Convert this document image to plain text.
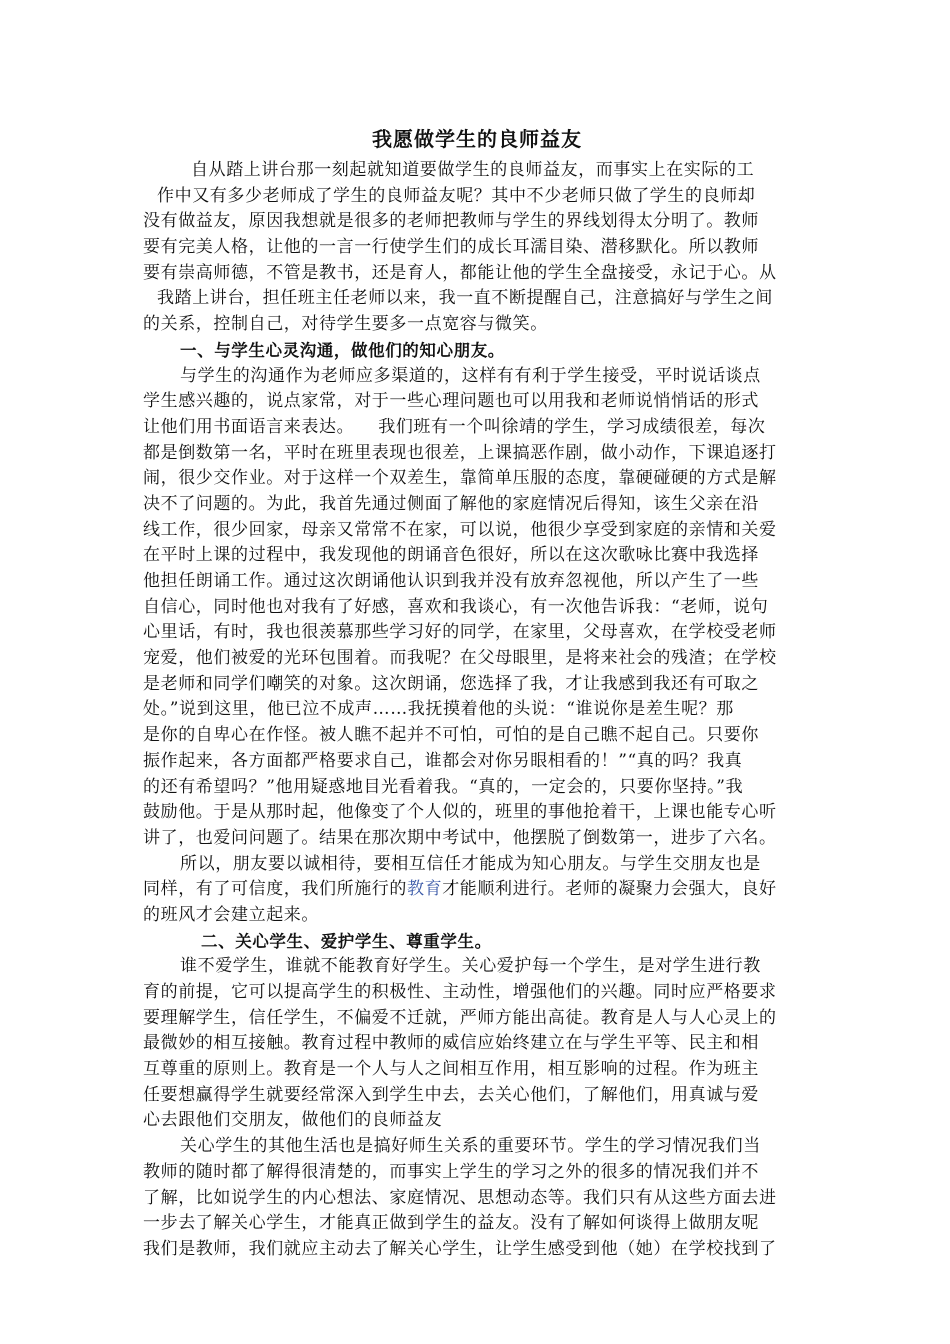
我愿做学生的良师益友
自从踏上讲台那一刻起就知道要做学生的良师益友，而事实上在实际的工
作中又有多少老师成了学生的良师益友呢？其中不少老师只做了学生的良师却
没有做益友，原因我想就是很多的老师把教师与学生的界线划得太分明了。教师
要有完美人格，让他的一言一行使学生们的成长耳濡目染、潜移默化。所以教师
要有崇高师德，不管是教书，还是育人，都能让他的学生全盘接受，永记于心。从
我踏上讲台，担任班主任老师以来，我一直不断提醒自己，注意搞好与学生之间
的关系，控制自己，对待学生要多一点宽容与微笑。
一、与学生心灵沟通，做他们的知心朋友。
与学生的沟通作为老师应多渠道的，这样有有利于学生接受，平时说话谈点
学生感兴趣的，说点家常，对于一些心理问题也可以用我和老师说悄悄话的形式
让他们用书面语言来表达。    我们班有一个叫徐靖的学生，学习成绩很差，每次
都是倒数第一名，平时在班里表现也很差，上课搞恶作剧，做小动作，下课追逐打
闹，很少交作业。对于这样一个双差生，靠简单压服的态度，靠硬碰硬的方式是解
决不了问题的。为此，我首先通过侧面了解他的家庭情况后得知，该生父亲在沿
线工作，很少回家，母亲又常常不在家，可以说，他很少享受到家庭的亲情和关爱
在平时上课的过程中，我发现他的朗诵音色很好，所以在这次歌咏比赛中我选择
他担任朗诵工作。通过这次朗诵他认识到我并没有放弃忽视他，所以产生了一些
自信心，同时他也对我有了好感，喜欢和我谈心，有一次他告诉我：“老师，说句
心里话，有时，我也很羡慕那些学习好的同学，在家里，父母喜欢，在学校受老师
宠爱，他们被爱的光环包围着。而我呢？在父母眼里，是将来社会的残渣；在学校
是老师和同学们嘲笑的对象。这次朗诵，您选择了我，才让我感到我还有可取之
处。”说到这里，他已泣不成声……我抚摸着他的头说：“谁说你是差生呢？那
是你的自卑心在作怪。被人瞧不起并不可怕，可怕的是自己瞧不起自己。只要你
振作起来，各方面都严格要求自己，谁都会对你另眼相看的！”“真的吗？我真
的还有希望吗？”他用疑惑地目光看着我。“真的，一定会的，只要你坚持。”我
鼓励他。于是从那时起，他像变了个人似的，班里的事他抢着干，上课也能专心听
讲了，也爱问问题了。结果在那次期中考试中，他摆脱了倒数第一，进步了六名。
所以，朋友要以诚相待，要相互信任才能成为知心朋友。与学生交朋友也是
同样，有了可信度，我们所施行的教育才能顺利进行。老师的凝聚力会强大，良好
的班风才会建立起来。
二、关心学生、爱护学生、尊重学生。
谁不爱学生，谁就不能教育好学生。关心爱护每一个学生，是对学生进行教
育的前提，它可以提高学生的积极性、主动性，增强他们的兴趣。同时应严格要求
要理解学生，信任学生，不偏爱不迁就，严师方能出高徒。教育是人与人心灵上的
最微妙的相互接触。教育过程中教师的威信应始终建立在与学生平等、民主和相
互尊重的原则上。教育是一个人与人之间相互作用，相互影响的过程。作为班主
任要想赢得学生就要经常深入到学生中去，去关心他们，了解他们，用真诚与爱
心去跟他们交朋友，做他们的良师益友
关心学生的其他生活也是搞好师生关系的重要环节。学生的学习情况我们当
教师的随时都了解得很清楚的，而事实上学生的学习之外的很多的情况我们并不
了解，比如说学生的内心想法、家庭情况、思想动态等。我们只有从这些方面去进
一步去了解关心学生，才能真正做到学生的益友。没有了解如何谈得上做朋友呢
我们是教师，我们就应主动去了解关心学生，让学生感受到他（她）在学校找到了
